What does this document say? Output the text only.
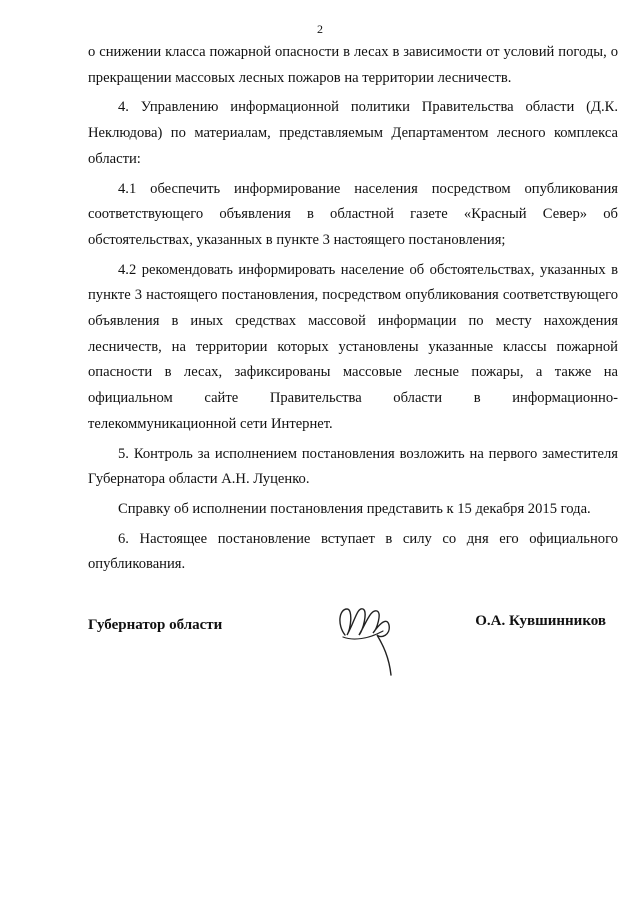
2

о снижении класса пожарной опасности в лесах в зависимости от условий погоды, о прекращении массовых лесных пожаров на территории лесничеств.

4. Управлению информационной политики Правительства области (Д.К. Неклюдова) по материалам, представляемым Департаментом лесного комплекса области:

4.1 обеспечить информирование населения посредством опубликования соответствующего объявления в областной газете «Красный Север» об обстоятельствах, указанных в пункте 3 настоящего постановления;

4.2 рекомендовать информировать население об обстоятельствах, указанных в пункте 3 настоящего постановления, посредством опубликования соответствующего объявления в иных средствах массовой информации по месту нахождения лесничеств, на территории которых установлены указанные классы пожарной опасности в лесах, зафиксированы массовые лесные пожары, а также на официальном сайте Правительства области в информационно-телекоммуникационной сети Интернет.

5. Контроль за исполнением постановления возложить на первого заместителя Губернатора области А.Н. Луценко.

Справку об исполнении постановления представить к 15 декабря 2015 года.

6. Настоящее постановление вступает в силу со дня его официального опубликования.

Губернатор области	О.А. Кувшинников
